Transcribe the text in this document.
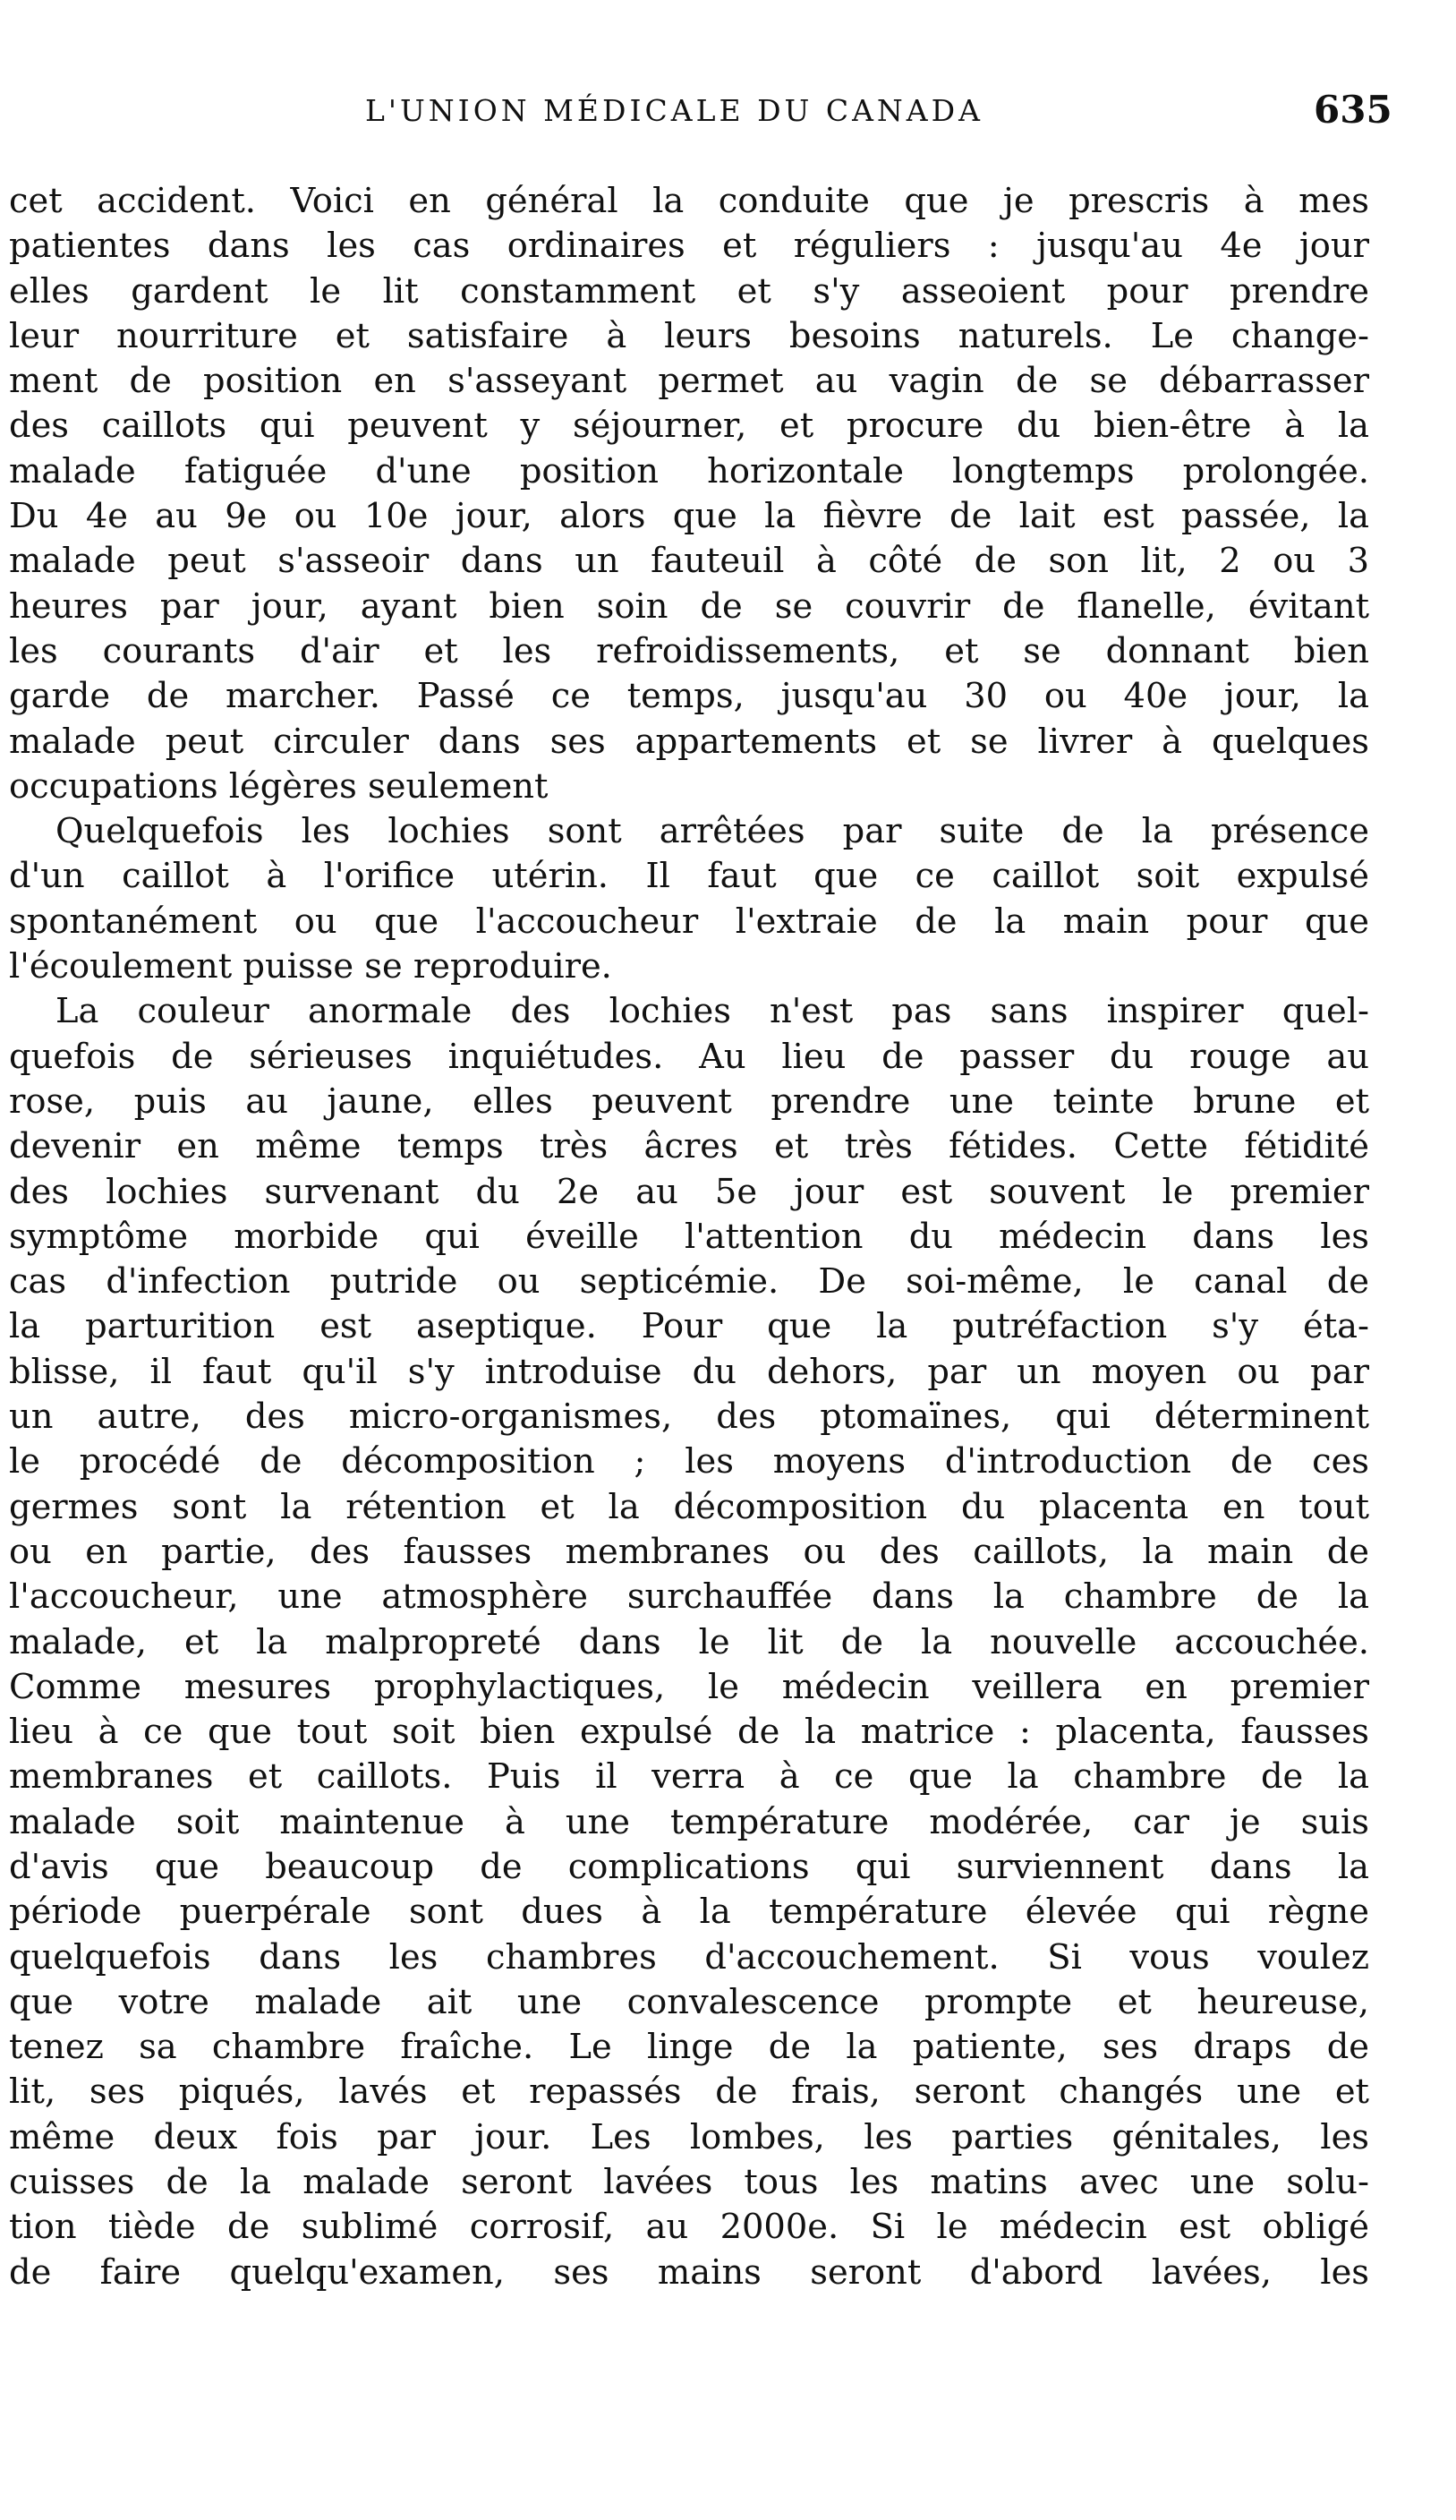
L'UNION MÉDICALE DU CANADA	635
cet accident. Voici en général la conduite que je prescris à mes
patientes dans les cas ordinaires et réguliers : jusqu'au 4e jour
elles gardent le lit constamment et s'y asseoient pour prendre
leur nourriture et satisfaire à leurs besoins naturels. Le change-
ment de position en s'asseyant permet au vagin de se débarrasser
des caillots qui peuvent y séjourner, et procure du bien-être à la
malade fatiguée d'une position horizontale longtemps prolongée.
Du 4e au 9e ou 10e jour, alors que la fièvre de lait est passée, la
malade peut s'asseoir dans un fauteuil à côté de son lit, 2 ou 3
heures par jour, ayant bien soin de se couvrir de flanelle, évitant
les courants d'air et les refroidissements, et se donnant bien
garde de marcher. Passé ce temps, jusqu'au 30 ou 40e jour, la
malade peut circuler dans ses appartements et se livrer à quelques
occupations légères seulement
Quelquefois les lochies sont arrêtées par suite de la présence
d'un caillot à l'orifice utérin. Il faut que ce caillot soit expulsé
spontanément ou que l'accoucheur l'extraie de la main pour que
l'écoulement puisse se reproduire.
La couleur anormale des lochies n'est pas sans inspirer quel-
quefois de sérieuses inquiétudes. Au lieu de passer du rouge au
rose, puis au jaune, elles peuvent prendre une teinte brune et
devenir en même temps très âcres et très fétides. Cette fétidité
des lochies survenant du 2e au 5e jour est souvent le premier
symptôme morbide qui éveille l'attention du médecin dans les
cas d'infection putride ou septicémie. De soi-même, le canal de
la parturition est aseptique. Pour que la putréfaction s'y éta-
blisse, il faut qu'il s'y introduise du dehors, par un moyen ou par
un autre, des micro-organismes, des ptomaïnes, qui déterminent
le procédé de décomposition ; les moyens d'introduction de ces
germes sont la rétention et la décomposition du placenta en tout
ou en partie, des fausses membranes ou des caillots, la main de
l'accoucheur, une atmosphère surchauffée dans la chambre de la
malade, et la malpropreté dans le lit de la nouvelle accouchée.
Comme mesures prophylactiques, le médecin veillera en premier
lieu à ce que tout soit bien expulsé de la matrice : placenta, fausses
membranes et caillots. Puis il verra à ce que la chambre de la
malade soit maintenue à une température modérée, car je suis
d'avis que beaucoup de complications qui surviennent dans la
période puerpérale sont dues à la température élevée qui règne
quelquefois dans les chambres d'accouchement. Si vous voulez
que votre malade ait une convalescence prompte et heureuse,
tenez sa chambre fraîche. Le linge de la patiente, ses draps de
lit, ses piqués, lavés et repassés de frais, seront changés une et
même deux fois par jour. Les lombes, les parties génitales, les
cuisses de la malade seront lavées tous les matins avec une solu-
tion tiède de sublimé corrosif, au 2000e. Si le médecin est obligé
de faire quelqu'examen, ses mains seront d'abord lavées, les
